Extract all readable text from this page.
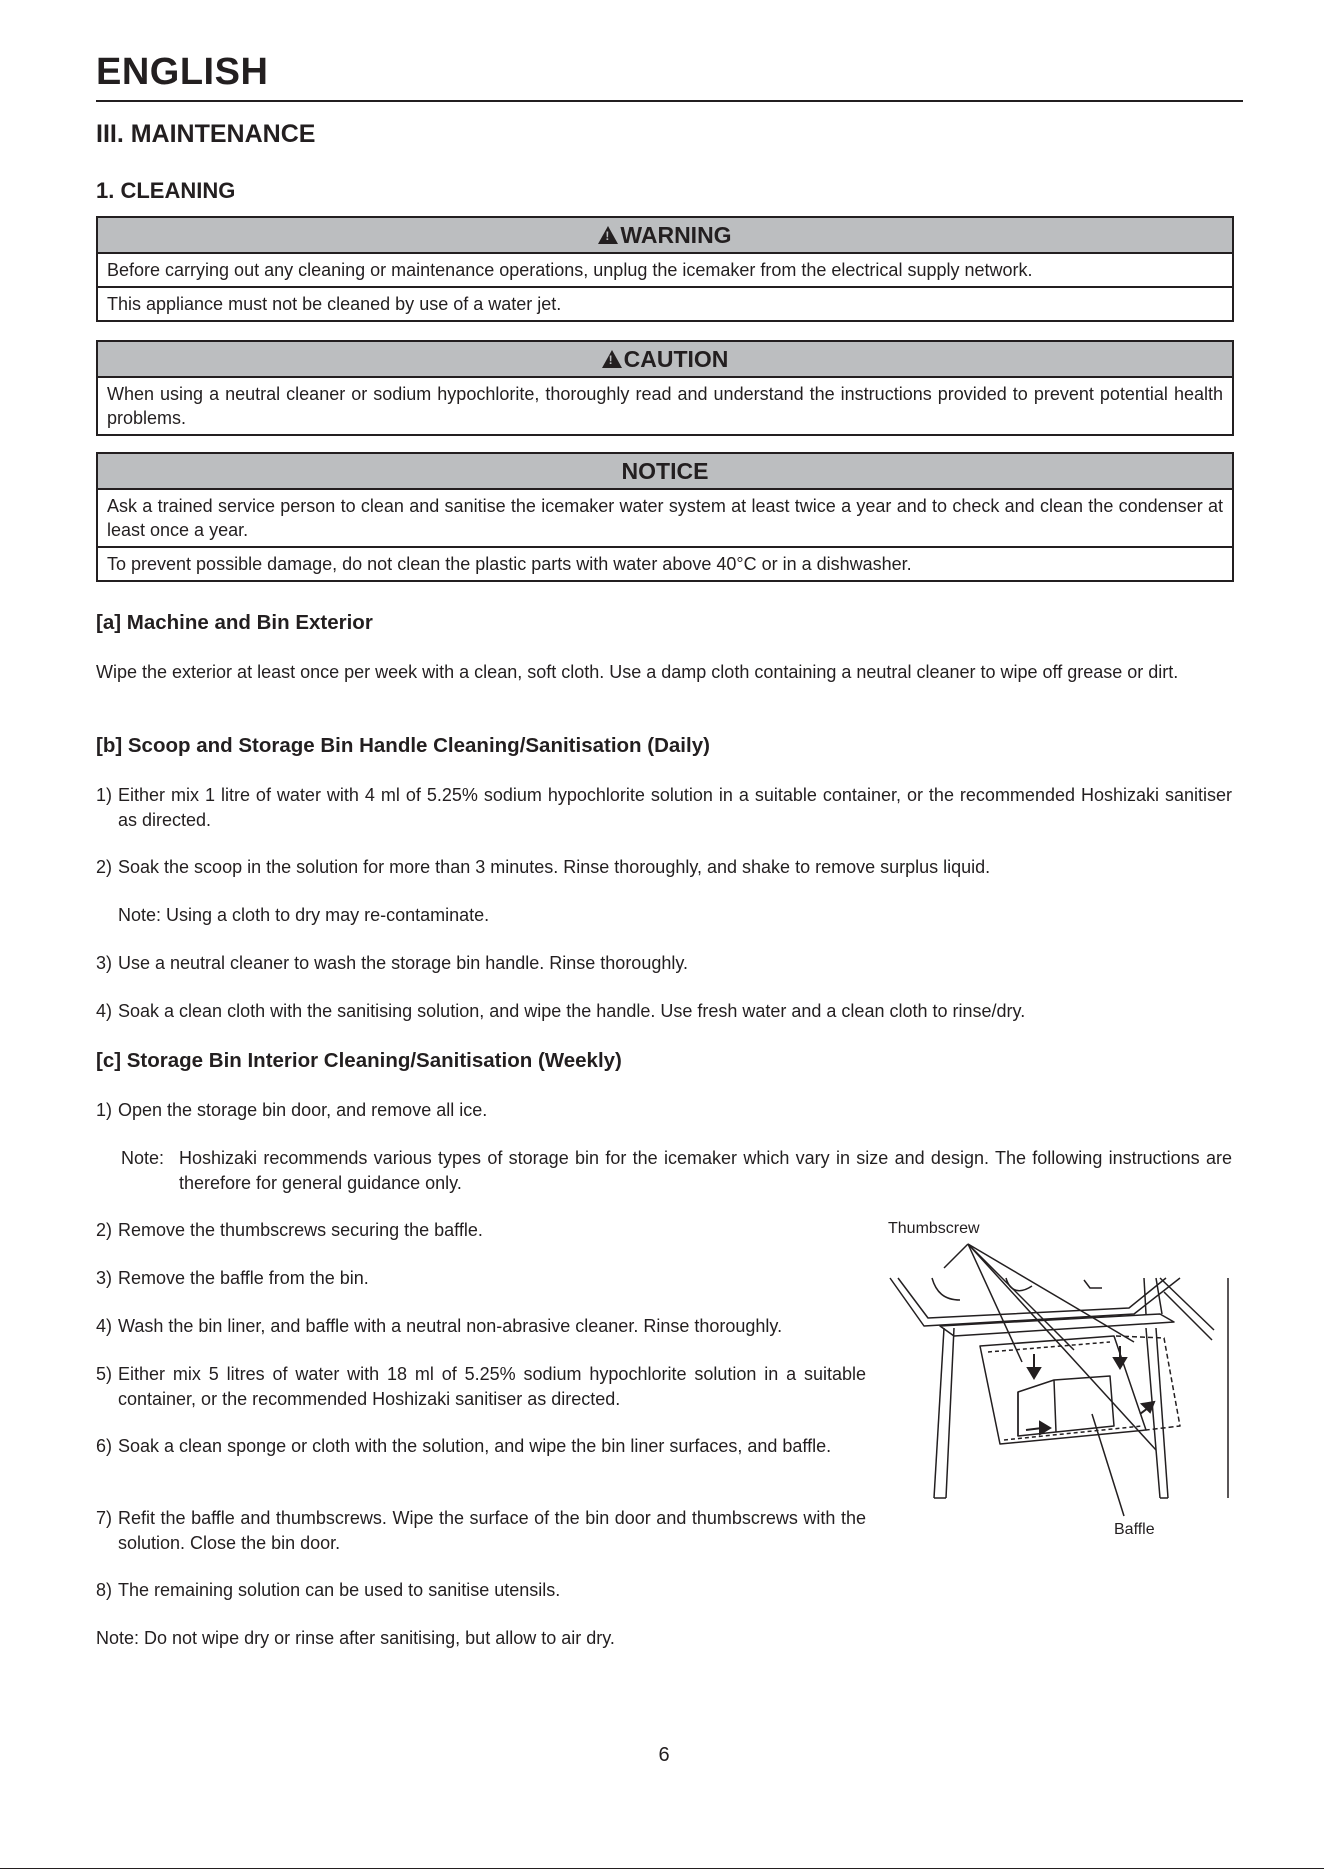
ENGLISH
III. MAINTENANCE
1. CLEANING
!WARNING
Before carrying out any cleaning or maintenance operations, unplug the icemaker from the electrical supply network.
This appliance must not be cleaned by use of a water jet.
!CAUTION
When using a neutral cleaner or sodium hypochlorite, thoroughly read and understand the instructions provided to prevent potential health problems.
NOTICE
Ask a trained service person to clean and sanitise the icemaker water system at least twice a year and to check and clean the condenser at least once a year.
To prevent possible damage, do not clean the plastic parts with water above 40°C or in a dishwasher.
[a] Machine and Bin Exterior
Wipe the exterior at least once per week with a clean, soft cloth. Use a damp cloth containing a neutral cleaner to wipe off grease or dirt.
[b] Scoop and Storage Bin Handle Cleaning/Sanitisation (Daily)
1) Either mix 1 litre of water with 4 ml of 5.25% sodium hypochlorite solution in a suitable container, or the recommended Hoshizaki sanitiser as directed.
2) Soak the scoop in the solution for more than 3 minutes. Rinse thoroughly, and shake to remove surplus liquid.
Note: Using a cloth to dry may re-contaminate.
3) Use a neutral cleaner to wash the storage bin handle. Rinse thoroughly.
4) Soak a clean cloth with the sanitising solution, and wipe the handle. Use fresh water and a clean cloth to rinse/dry.
[c] Storage Bin Interior Cleaning/Sanitisation (Weekly)
1) Open the storage bin door, and remove all ice.
Note: Hoshizaki recommends various types of storage bin for the icemaker which vary in size and design. The following instructions are therefore for general guidance only.
2) Remove the thumbscrews securing the baffle.
3) Remove the baffle from the bin.
4) Wash the bin liner, and baffle with a neutral non-abrasive cleaner. Rinse thoroughly.
5) Either mix 5 litres of water with 18 ml of 5.25% sodium hypochlorite solution in a suitable container, or the recommended Hoshizaki sanitiser as directed.
6) Soak a clean sponge or cloth with the solution, and wipe the bin liner surfaces, and baffle.
7) Refit the baffle and thumbscrews. Wipe the surface of the bin door and thumbscrews with the solution. Close the bin door.
8) The remaining solution can be used to sanitise utensils.
Note: Do not wipe dry or rinse after sanitising, but allow to air dry.
6
Thumbscrew
Baffle
